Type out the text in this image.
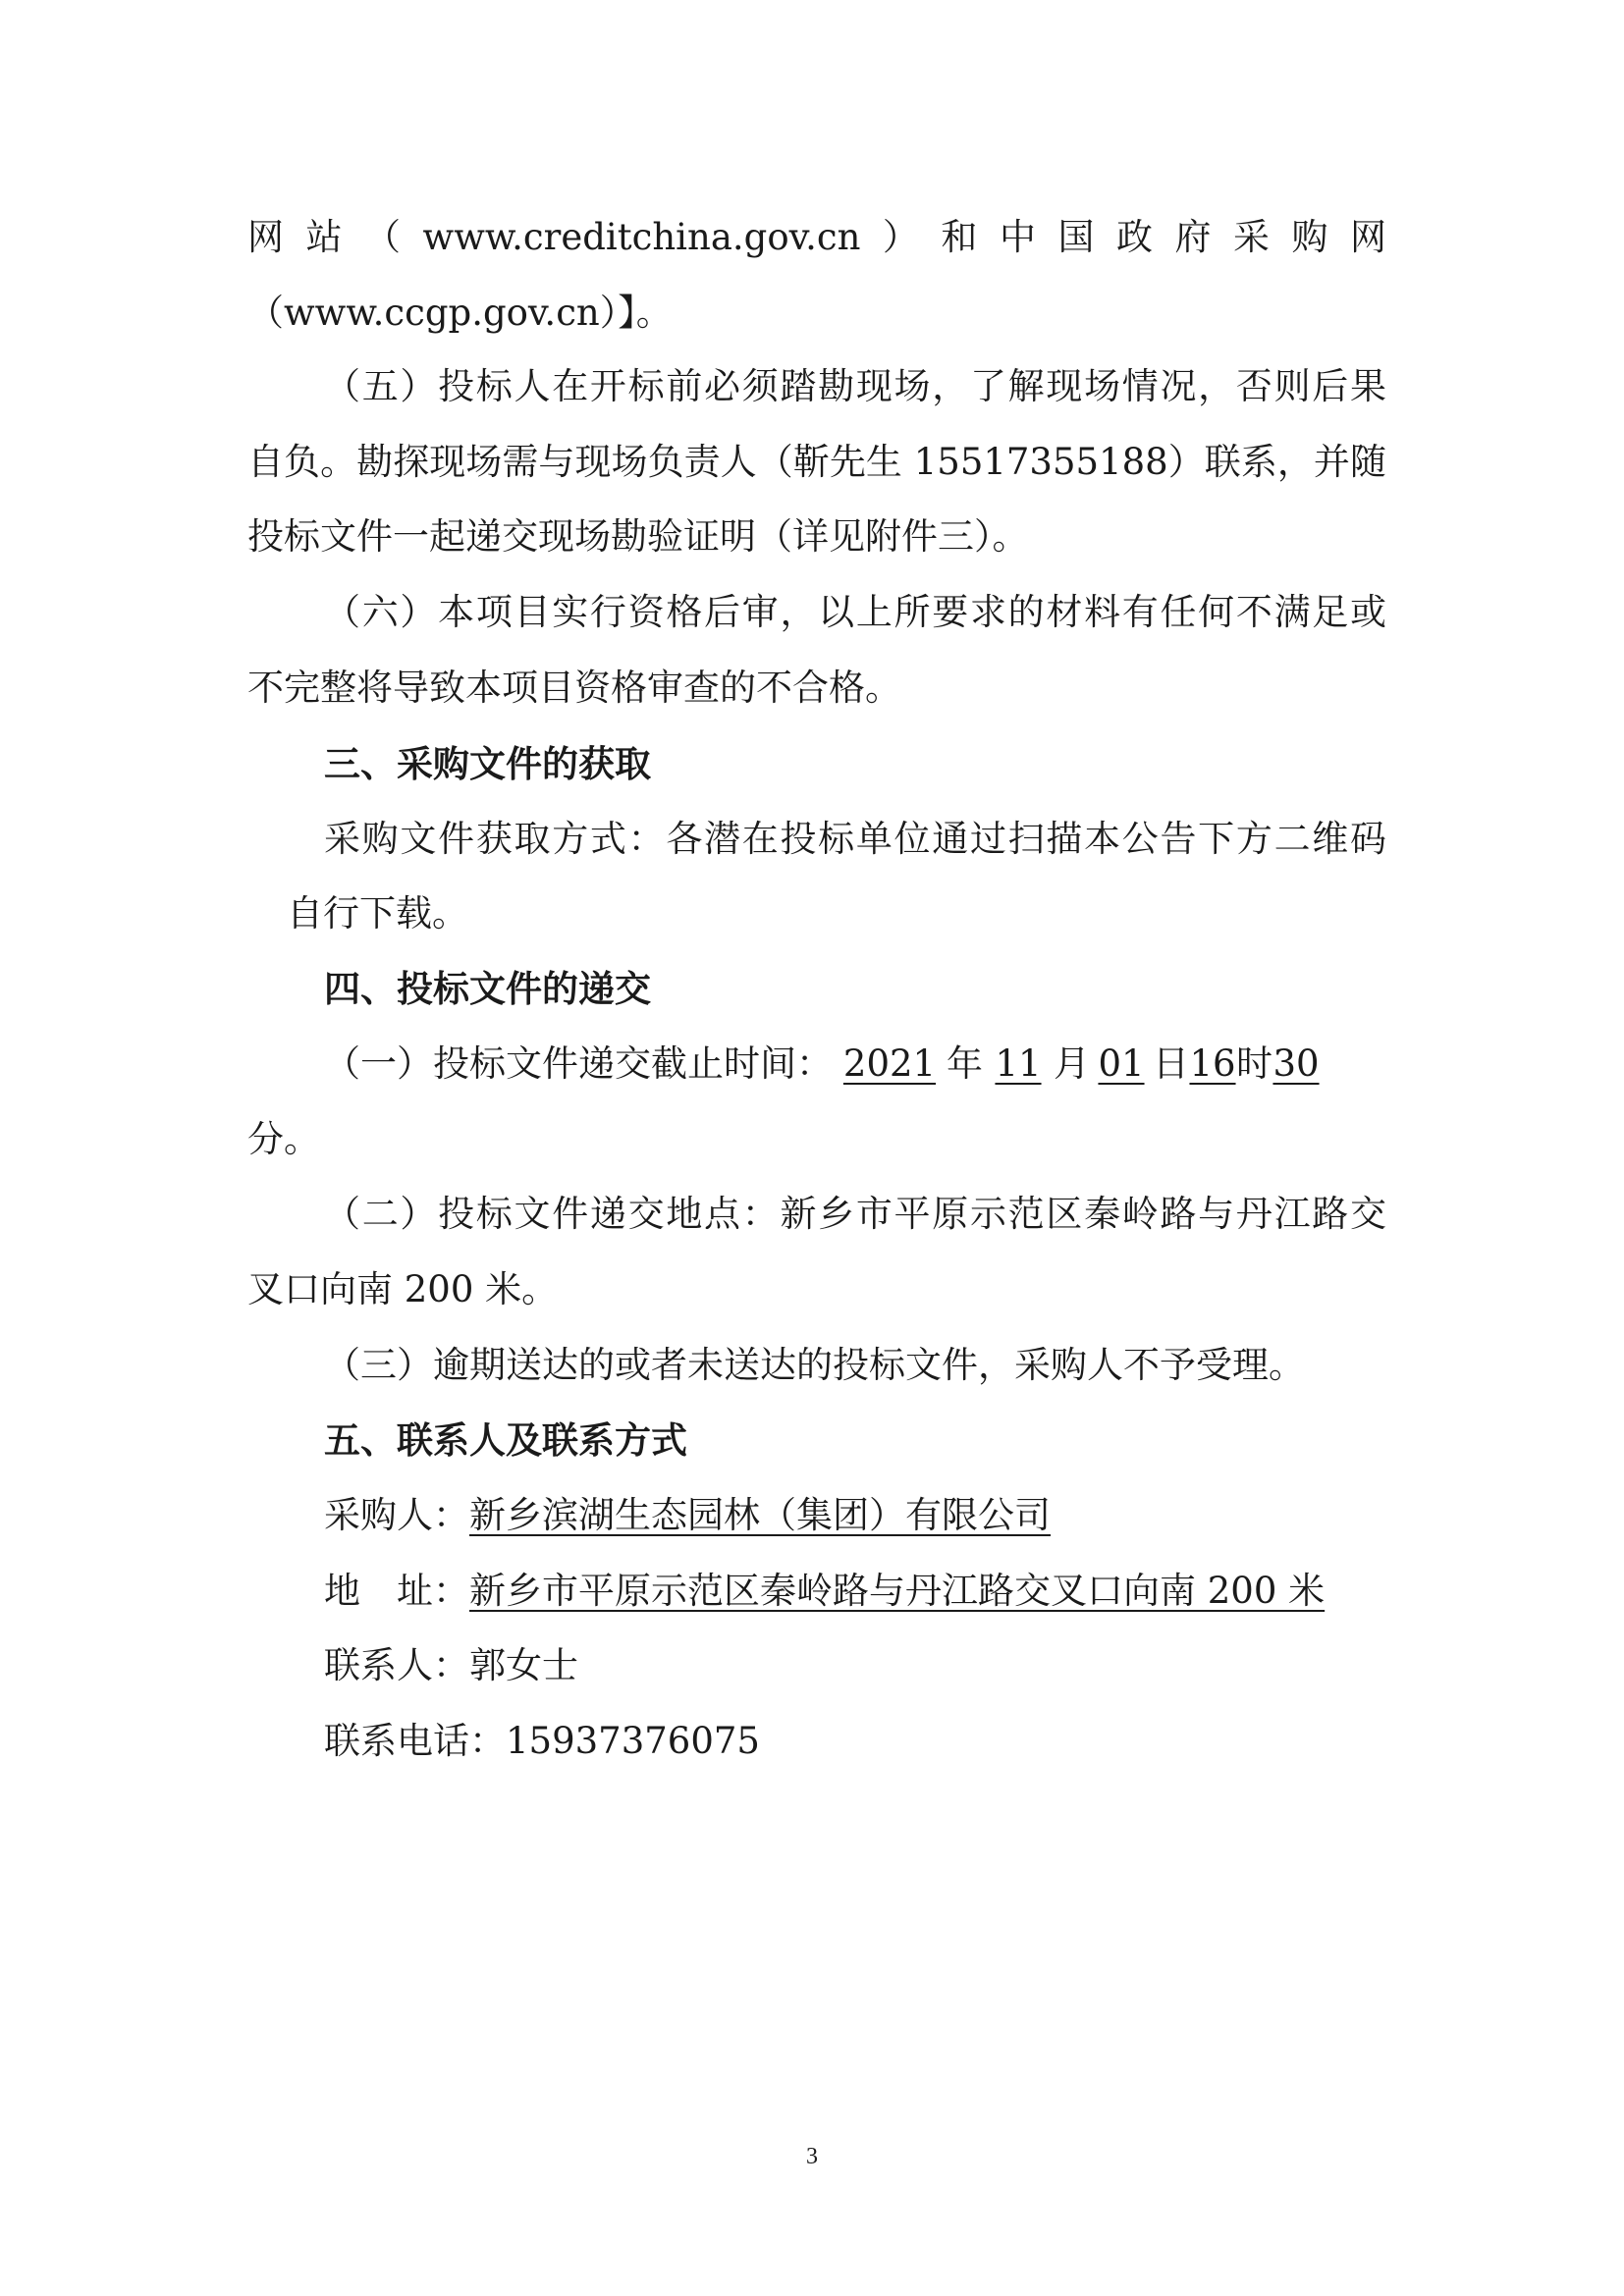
网站（www.creditchina.gov.cn）和中国政府采购网
（www.ccgp.gov.cn）】。
（五）投标人在开标前必须踏勘现场，了解现场情况，否则后果
自负。勘探现场需与现场负责人（靳先生 15517355188）联系，并随
投标文件一起递交现场勘验证明（详见附件三）。
（六）本项目实行资格后审，以上所要求的材料有任何不满足或
不完整将导致本项目资格审查的不合格。
三、采购文件的获取
采购文件获取方式：各潜在投标单位通过扫描本公告下方二维码
自行下载。
四、投标文件的递交
（一）投标文件递交截止时间： 2021 年 11 月 01 日16时30
分。
（二）投标文件递交地点：新乡市平原示范区秦岭路与丹江路交
叉口向南 200 米。
（三）逾期送达的或者未送达的投标文件，采购人不予受理。
五、联系人及联系方式
采购人：新乡滨湖生态园林（集团）有限公司
地　址：新乡市平原示范区秦岭路与丹江路交叉口向南 200 米
联系人：郭女士
联系电话：15937376075
3
